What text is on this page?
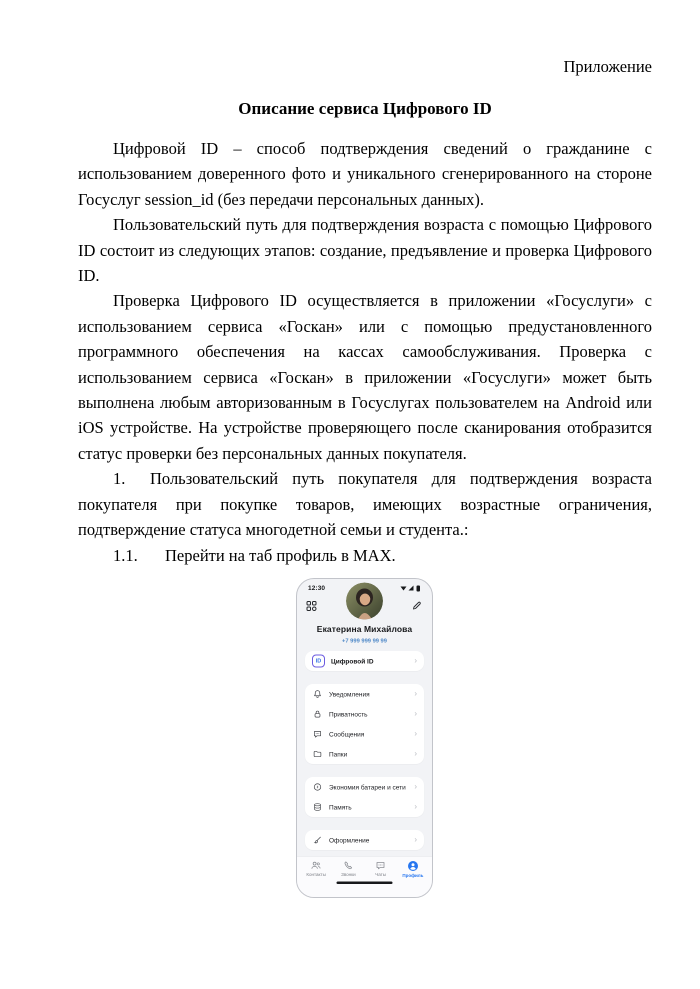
Приложение
Описание сервиса Цифрового ID

Цифровой ID – способ подтверждения сведений о гражданине с использованием доверенного фото и уникального сгенерированного на стороне Госуслуг session_id (без передачи персональных данных).

Пользовательский путь для подтверждения возраста с помощью Цифрового ID состоит из следующих этапов: создание, предъявление и проверка Цифрового ID.

Проверка Цифрового ID осуществляется в приложении «Госуслуги» с использованием сервиса «Госкан» или с помощью предустановленного программного обеспечения на кассах самообслуживания. Проверка с использованием сервиса «Госкан» в приложении «Госуслуги» может быть выполнена любым авторизованным в Госуслугах пользователем на Android или iOS устройстве. На устройстве проверяющего после сканирования отобразится статус проверки без персональных данных покупателя.

1. Пользовательский путь покупателя для подтверждения возраста покупателя при покупке товаров, имеющих возрастные ограничения, подтверждение статуса многодетной семьи и студента.:

1.1. Перейти на таб профиль в MAX.

12:30
Екатерина Михайлова
+7 999 999 99 99
ID Цифровой ID
›
Уведомления
›
Приватность
›
Сообщения
›
Папки
›
Экономия батареи и сети
›
Память
›
Оформление
›
Контакты Звонки Чаты Профиль
